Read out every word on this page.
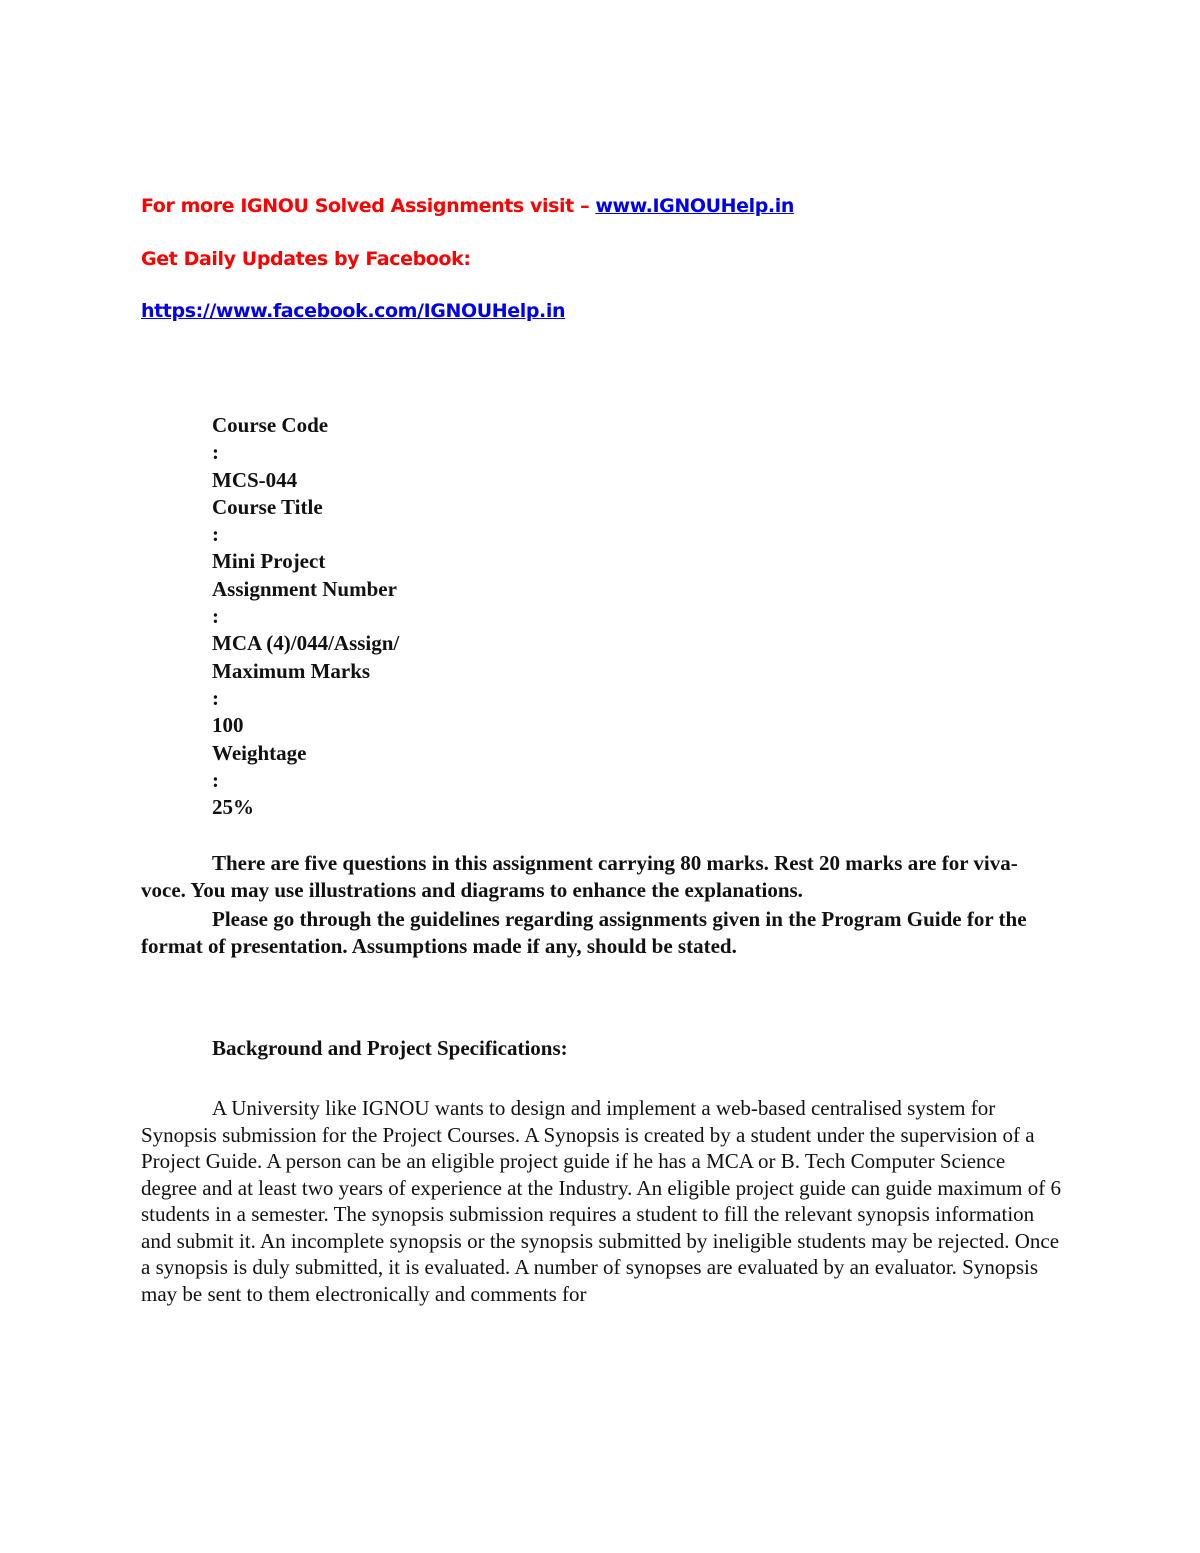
For more IGNOU Solved Assignments visit – www.IGNOUHelp.in
Get Daily Updates by Facebook:
https://www.facebook.com/IGNOUHelp.in
Course Code
:
MCS-044
Course Title
:
Mini Project
Assignment Number
:
MCA (4)/044/Assign/
Maximum Marks
:
100
Weightage
:
25%
There are five questions in this assignment carrying 80 marks. Rest 20 marks are for viva-voce. You may use illustrations and diagrams to enhance the explanations.
Please go through the guidelines regarding assignments given in the Program Guide for the format of presentation. Assumptions made if any, should be stated.
Background and Project Specifications:
A University like IGNOU wants to design and implement a web-based centralised system for Synopsis submission for the Project Courses. A Synopsis is created by a student under the supervision of a Project Guide. A person can be an eligible project guide if he has a MCA or B. Tech Computer Science degree and at least two years of experience at the Industry. An eligible project guide can guide maximum of 6 students in a semester. The synopsis submission requires a student to fill the relevant synopsis information and submit it. An incomplete synopsis or the synopsis submitted by ineligible students may be rejected. Once a synopsis is duly submitted, it is evaluated. A number of synopses are evaluated by an evaluator. Synopsis may be sent to them electronically and comments for
